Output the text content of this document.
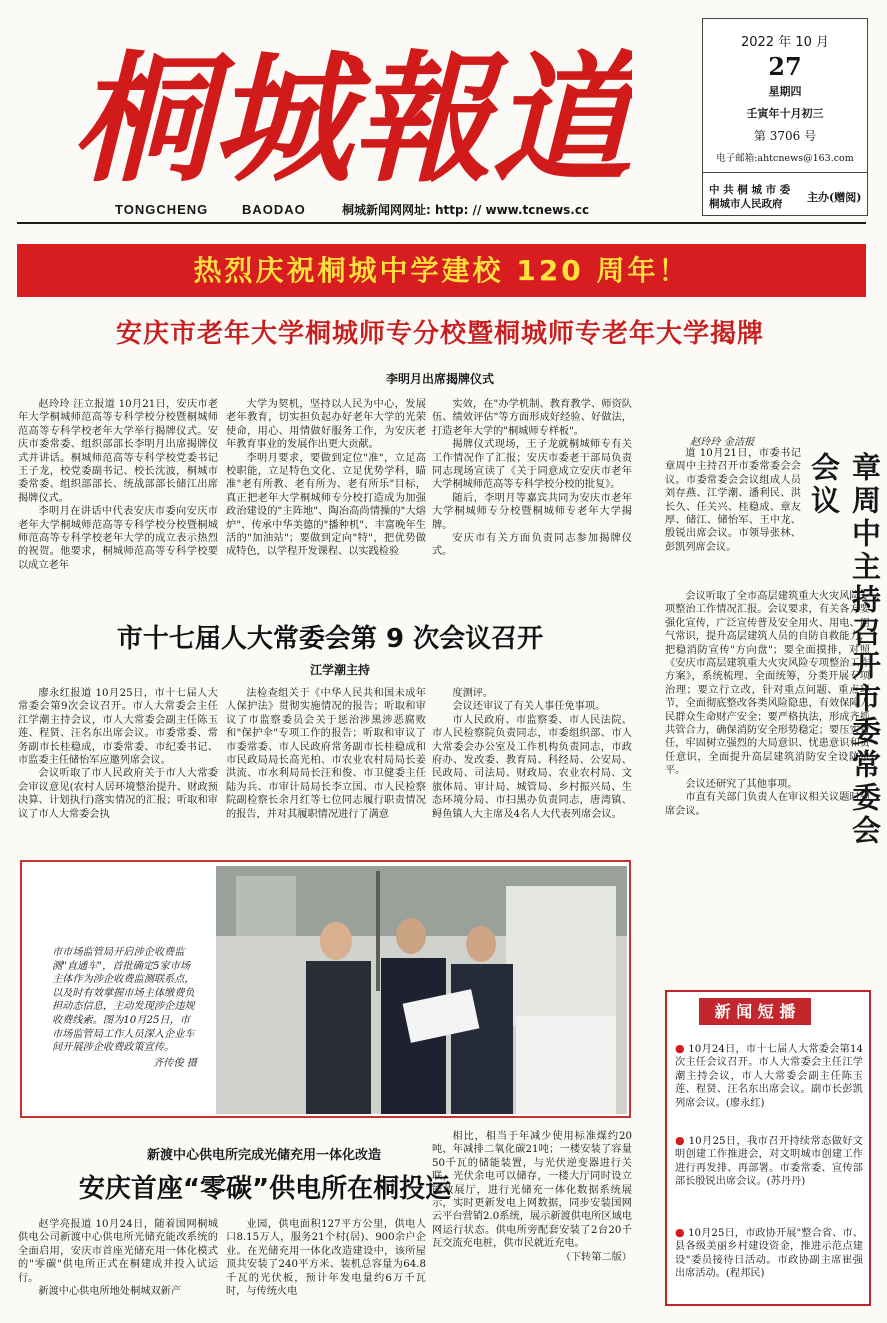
桐城報道
TONGCHENG	BAODAO	桐城新闻网网址: http: // www.tcnews.cc
2022 年 10 月
27
星期四
壬寅年十月初三
第 3706 号
电子邮箱:ahtcnews@163.com
中 共 桐 城 市 委
桐城市人民政府	主办(赠阅)
热烈庆祝桐城中学建校 120 周年！
安庆市老年大学桐城师专分校暨桐城师专老年大学揭牌
李明月出席揭牌仪式

赵玲玲 汪立报道 10月21日，安庆市老年大学桐城师范高等专科学校分校暨桐城师范高等专科学校老年大学举行揭牌仪式。安庆市委常委、组织部部长李明月出席揭牌仪式并讲话。桐城师范高等专科学校党委书记王子龙，校党委副书记、校长沈波，桐城市委常委、组织部部长、统战部部长储江出席揭牌仪式。

李明月在讲话中代表安庆市委向安庆市老年大学桐城师范高等专科学校分校暨桐城师范高等专科学校老年大学的成立表示热烈的祝贺。他要求，桐城师范高等专科学校要以成立老年

大学为契机，坚持以人民为中心，发展老年教育，切实担负起办好老年大学的光荣使命，用心、用情做好服务工作，为安庆老年教育事业的发展作出更大贡献。

李明月要求，要做到定位"准"，立足高校职能，立足特色文化、立足优势学科，瞄准"老有所教、老有所为、老有所乐"目标，真正把老年大学桐城师专分校打造成为加强政治建设的"主阵地"、陶冶高尚情操的"大熔炉"、传承中华美德的"播种机"、丰富晚年生活的"加油站"；要做到定向"特"，把优势做成特色，以学程开发课程、以实践检验

实效，在"办学机制、教育教学、师资队伍、绩效评估"等方面形成好经验、好做法，打造老年大学的"桐城师专样板"。

揭牌仪式现场，王子龙就桐城师专有关工作情况作了汇报；安庆市委老干部局负责同志现场宣读了《关于同意成立安庆市老年大学桐城师范高等专科学校分校的批复》。

随后，李明月等嘉宾共同为安庆市老年大学桐城师专分校暨桐城师专老年大学揭牌。

安庆市有关方面负责同志参加揭牌仪式。

市十七届人大常委会第 9 次会议召开
江学潮主持

廖永红报道 10月25日，市十七届人大常委会第9次会议召开。市人大常委会主任江学潮主持会议，市人大常委会副主任陈玉莲、程贤、汪名东出席会议。市委常委、常务副市长桂稳成，市委常委、市纪委书记、市监委主任储怡军应邀列席会议。

会议听取了市人民政府关于市人大常委会审议意见(农村人居环境整治提升、财政预决算、计划执行)落实情况的汇报；听取和审议了市人大常委会执

法检查组关于《中华人民共和国未成年人保护法》贯彻实施情况的报告；听取和审议了市监察委员会关于惩治涉黑涉恶腐败和"保护伞"专项工作的报告；听取和审议了市委常委、市人民政府常务副市长桂稳成和市民政局局长高光柏、市农业农村局局长姜洪流、市水利局局长汪和俊、市卫健委主任陆为兵、市审计局局长李立国、市人民检察院副检察长余月红等七位同志履行职责情况的报告，并对其履职情况进行了满意

度测评。

会议还审议了有关人事任免事项。

市人民政府、市监察委、市人民法院、市人民检察院负责同志，市委组织部、市人大常委会办公室及工作机构负责同志，市政府办、发改委、教育局、科经局、公安局、民政局、司法局、财政局、农业农村局、文旅体局、审计局、城管局、乡村振兴局、生态环境分局、市扫黑办负责同志，唐湾镇、鲟鱼镇人大主席及4名人大代表列席会议。

市市场监管局开启涉企收费监测"直通车"，首批确定5家市场主体作为涉企收费监测联系点，以及时有效掌握市场主体缴费负担动态信息，主动发现涉企违规收费线索。图为10月25日，市市场监管局工作人员深入企业车间开展涉企收费政策宣传。
齐传俊 摄
新渡中心供电所完成光储充用一体化改造
安庆首座“零碳”供电所在桐投运

赵学亮报道 10月24日，随着国网桐城供电公司新渡中心供电所光储充能改系统的全面启用，安庆市首座光储充用一体化模式的"零碳"供电所正式在桐建成并投入试运行。

新渡中心供电所地处桐城双新产

业园，供电面积127平方公里，供电人口8.15万人，服务21个村(居)、900余户企业。在光储充用一体化改造建设中，该所屋顶共安装了240平方米、装机总容量为64.8千瓦的光伏板，预计年发电量约6万千瓦时，与传统火电

相比，相当于年减少使用标准煤约20吨，年减排二氧化碳21吨；一楼安装了容量50千瓦的储能装置，与光伏逆变器进行关联，光伏余电可以储存，一楼大厅同时设立能效展厅，进行光储充一体化数据系统展示，实时更新发电上网数据，同步安装国网云平台营销2.0系统，展示新渡供电所区域电网运行状态。供电所旁配套安装了2台20千瓦交流充电桩，供市民就近充电。

（下转第二版）

章周中主持召开市委常委会会议
赵玲玲 金洁报

道 10月21日，市委书记章周中主持召开市委常委会会议。市委常委会会议组成人员刘存燕、江学潮、潘利民、洪长久、任关兴、桂稳成、章友厚、储江、储怡军、王中龙、殷锐出席会议。市领导张林、彭凯列席会议。

会议听取了全市高层建筑重大火灾风险专项整治工作情况汇报。会议要求，有关各方要强化宣传，广泛宣传普及安全用火、用电、用气常识，提升高层建筑人员的自防自救能力，把稳消防宣传"方向盘"；要全面摸排，对照《安庆市高层建筑重大火灾风险专项整治工作方案》，系统梳理、全面统筹，分类开展专项治理；要立行立改，针对重点问题、重点环节，全面彻底整改各类风险隐患，有效保障人民群众生命财产安全；要严格执法，形成齐抓共管合力，确保消防安全形势稳定；要压实责任，牢固树立强烈的大局意识、忧患意识和责任意识，全面提升高层建筑消防安全设防水平。

会议还研究了其他事项。

市直有关部门负责人在审议相关议题时列席会议。

新 闻 短 播
● 10月24日，市十七届人大常委会第14次主任会议召开。市人大常委会主任江学潮主持会议，市人大常委会副主任陈玉莲、程贤、汪名东出席会议。副市长彭凯列席会议。(廖永红)
● 10月25日，我市召开持续常态做好文明创建工作推进会，对文明城市创建工作进行再发排、再部署。市委常委、宣传部部长殷锐出席会议。(苏丹丹)
● 10月25日，市政协开展"整合省、市、县各级美丽乡村建设资金，推进示范点建设"委员接待日活动。市政协副主席崔强出席活动。(程邦民)
